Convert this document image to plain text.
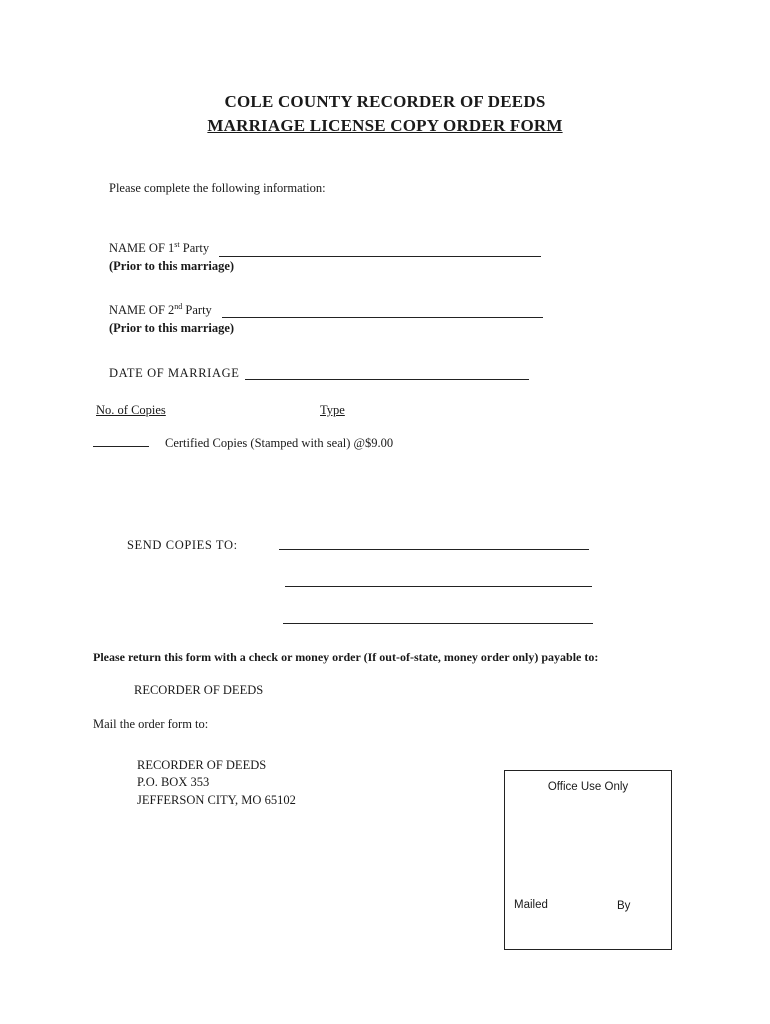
COLE COUNTY RECORDER OF DEEDS
MARRIAGE LICENSE COPY ORDER FORM
Please complete the following information:
NAME OF 1st Party
(Prior to this marriage)
NAME OF 2nd Party
(Prior to this marriage)
DATE OF MARRIAGE
No. of Copies	Type
Certified Copies (Stamped with seal) @$9.00
SEND COPIES TO:
Please return this form with a check or money order (If out-of-state, money order only) payable to:
RECORDER OF DEEDS
Mail the order form to:
RECORDER OF DEEDS
P.O. BOX 353
JEFFERSON CITY, MO 65102
Office Use Only
Mailed	By
